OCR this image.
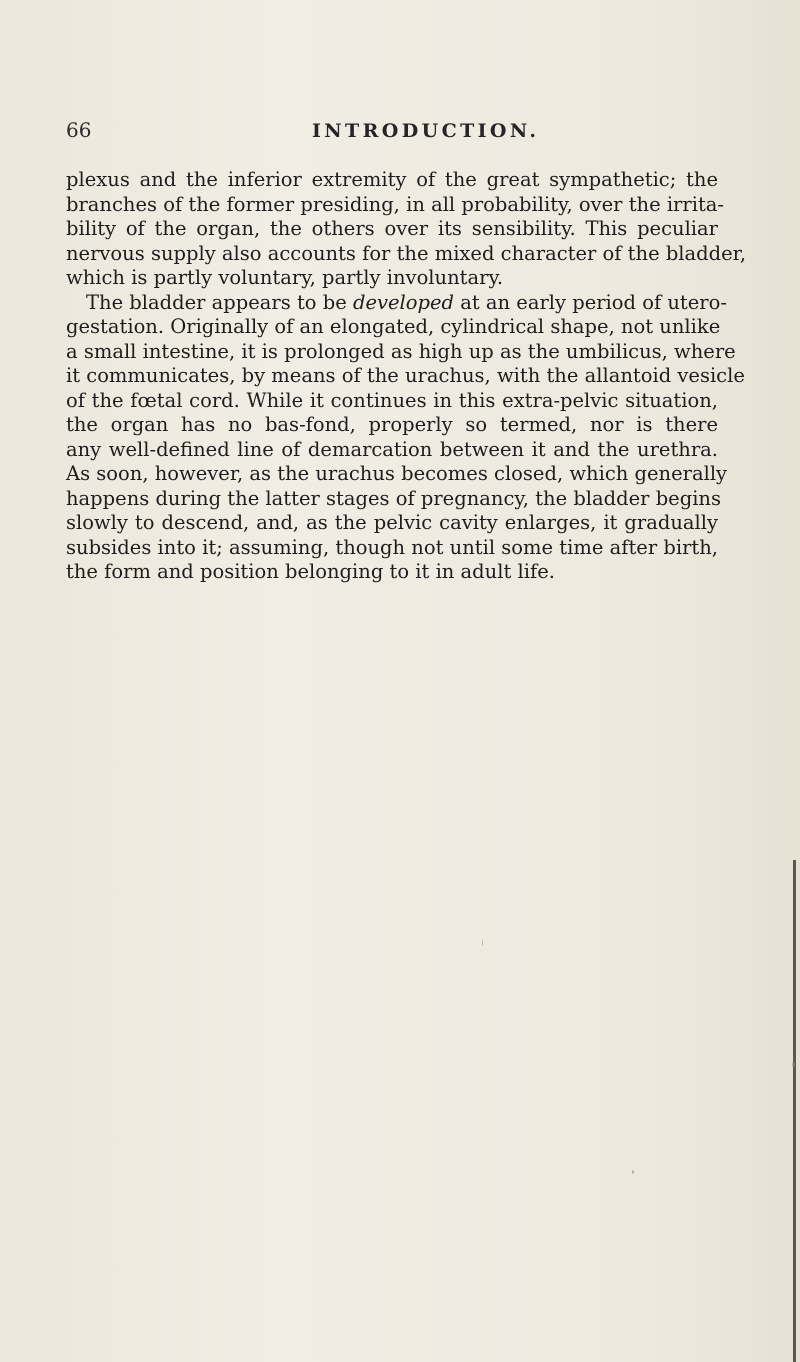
66	INTRODUCTION.

plexus and the inferior extremity of the great sympathetic; the
branches of the former presiding, in all probability, over the irrita-
bility of the organ, the others over its sensibility. This peculiar
nervous supply also accounts for the mixed character of the bladder,
which is partly voluntary, partly involuntary.

The bladder appears to be developed at an early period of utero-
gestation. Originally of an elongated, cylindrical shape, not unlike
a small intestine, it is prolonged as high up as the umbilicus, where
it communicates, by means of the urachus, with the allantoid vesicle
of the fœtal cord. While it continues in this extra-pelvic situation,
the organ has no bas-fond, properly so termed, nor is there
any well-defined line of demarcation between it and the urethra.
As soon, however, as the urachus becomes closed, which generally
happens during the latter stages of pregnancy, the bladder begins
slowly to descend, and, as the pelvic cavity enlarges, it gradually
subsides into it; assuming, though not until some time after birth,
the form and position belonging to it in adult life.
